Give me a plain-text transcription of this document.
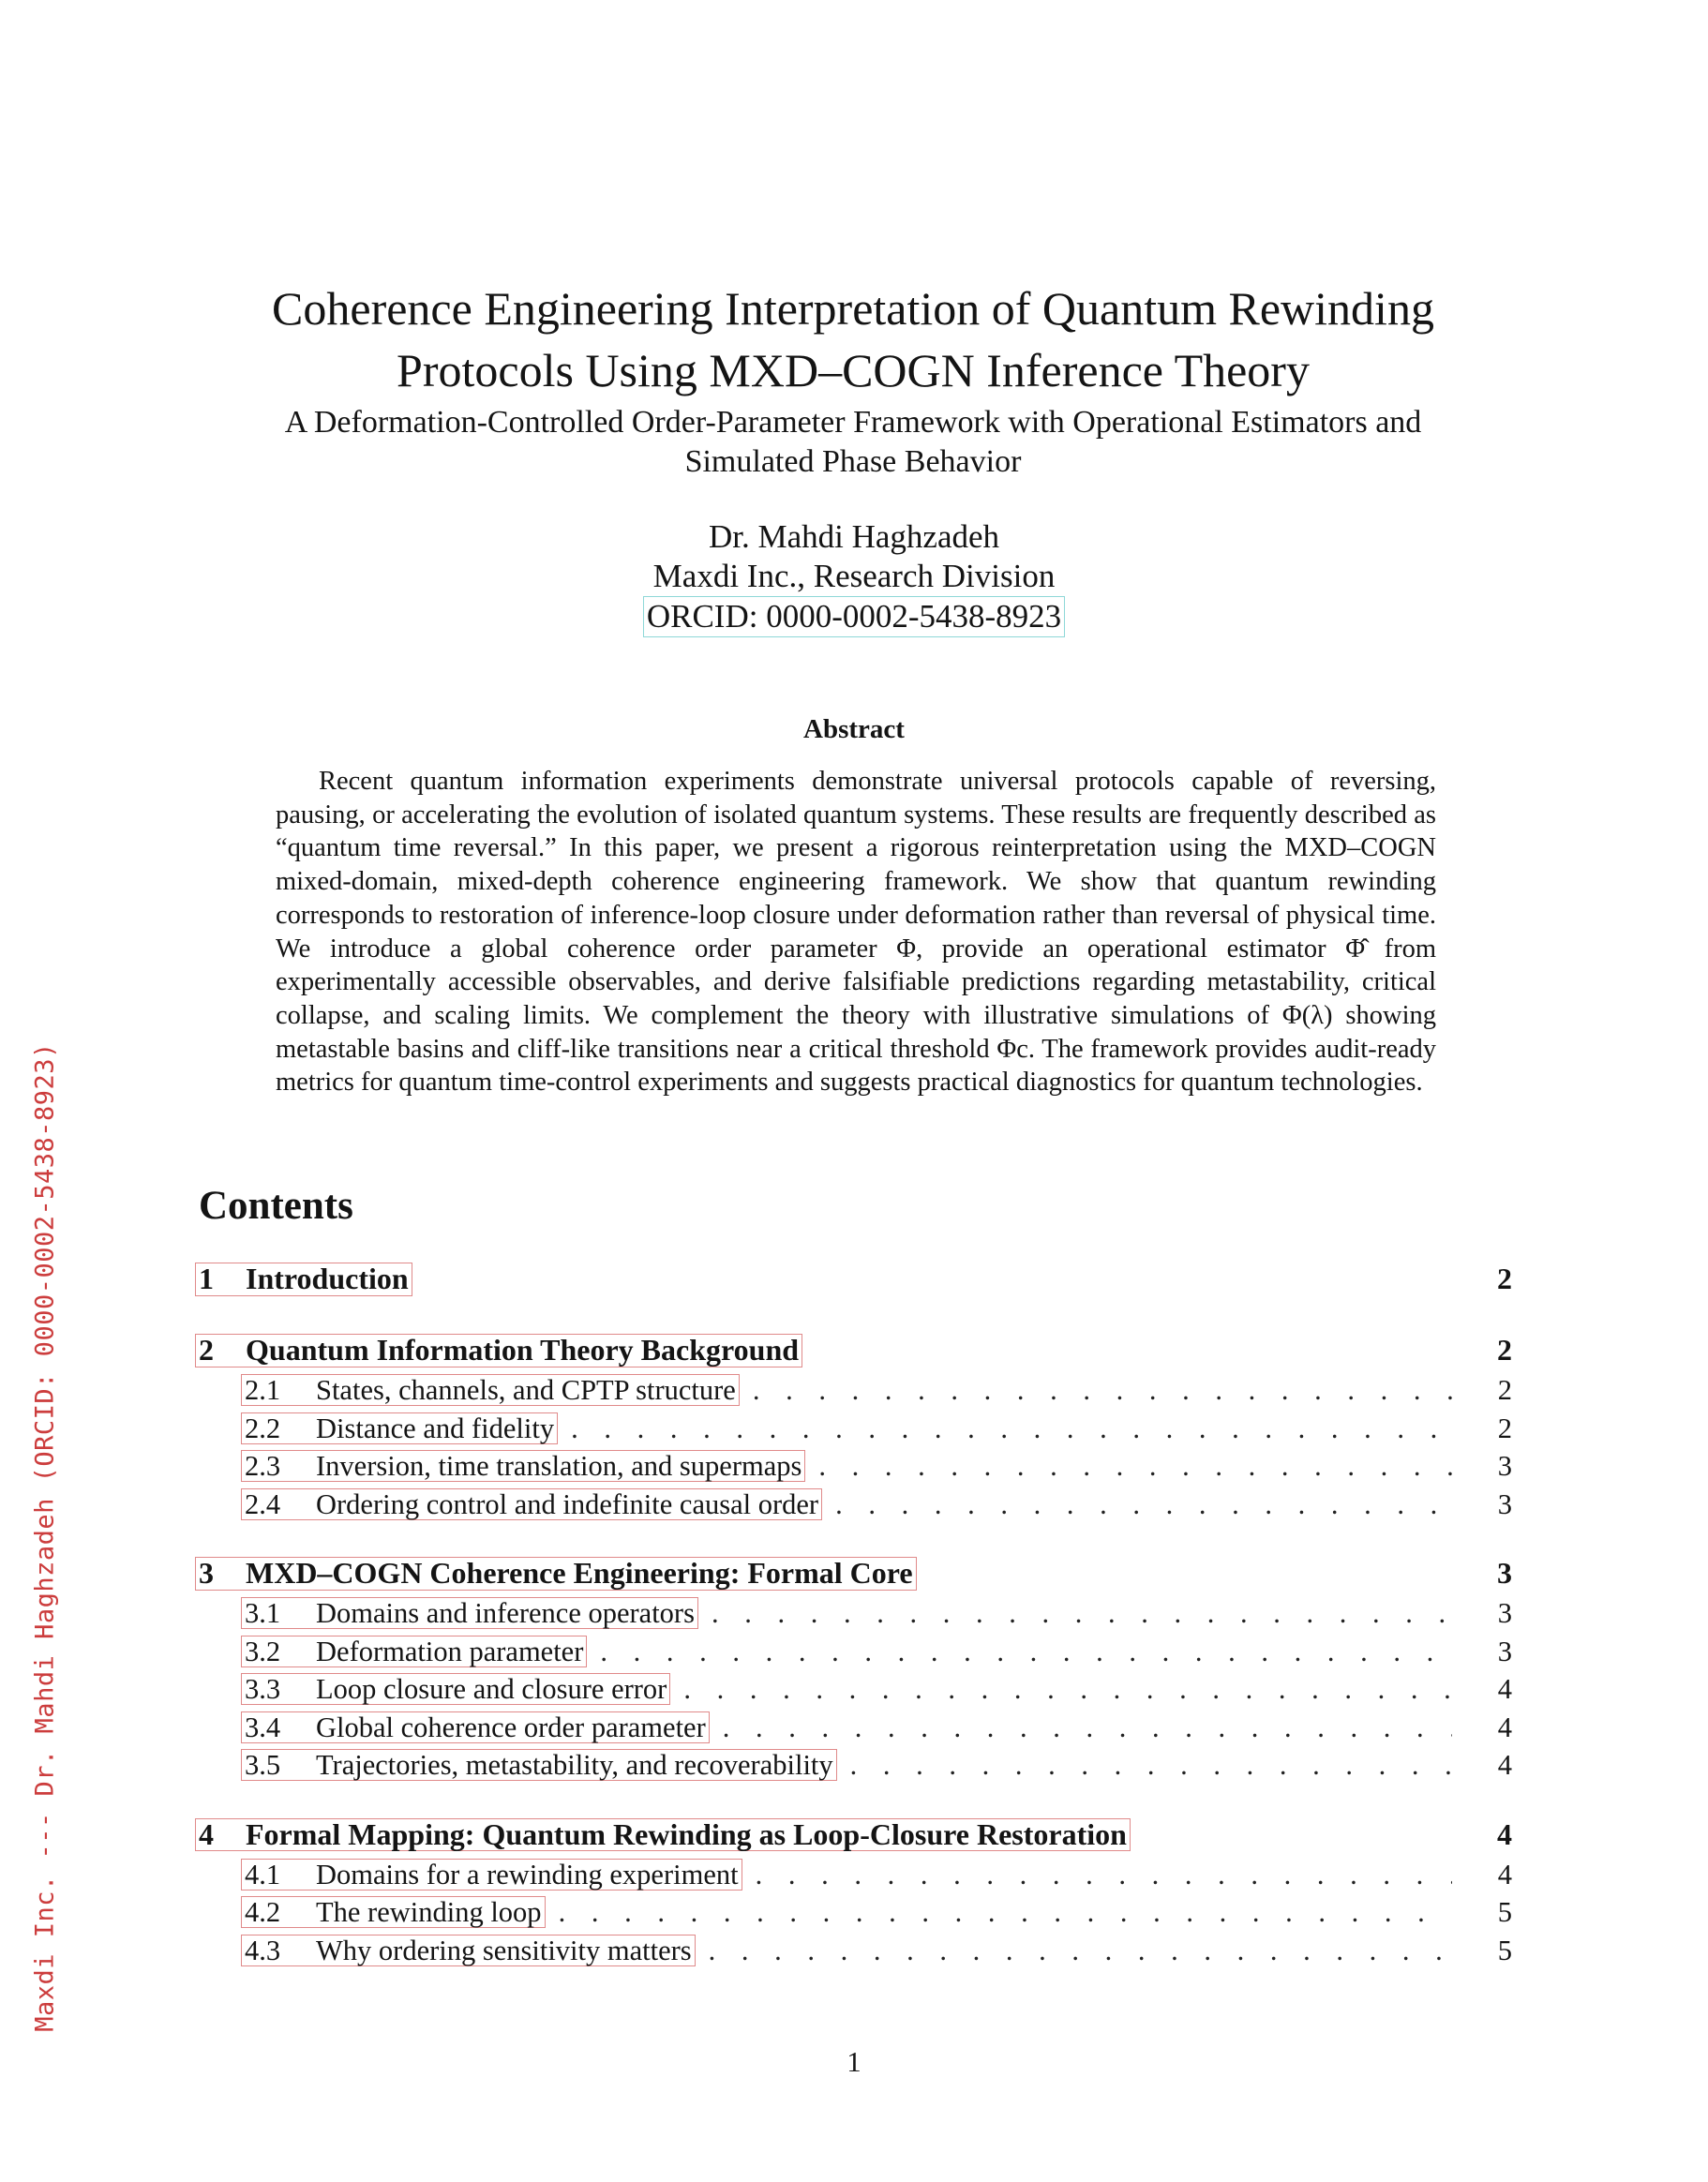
Maxdi Inc. --- Dr. Mahdi Haghzadeh (ORCID: 0000-0002-5438-8923)
Coherence Engineering Interpretation of Quantum Rewinding
Protocols Using MXD–COGN Inference Theory
A Deformation-Controlled Order-Parameter Framework with Operational Estimators and
Simulated Phase Behavior
Dr. Mahdi Haghzadeh
Maxdi Inc., Research Division
ORCID: 0000-0002-5438-8923
Abstract
Recent quantum information experiments demonstrate universal protocols capable of reversing, pausing, or accelerating the evolution of isolated quantum systems. These results are frequently described as “quantum time reversal.” In this paper, we present a rigorous reinterpretation using the MXD–COGN mixed-domain, mixed-depth coherence engineering framework. We show that quantum rewinding corresponds to restoration of inference-loop closure under deformation rather than reversal of physical time. We introduce a global coherence order parameter Φ, provide an operational estimator Φ̂ from experimentally accessible observables, and derive falsifiable predictions regarding metastability, critical collapse, and scaling limits. We complement the theory with illustrative simulations of Φ(λ) showing metastable basins and cliff-like transitions near a critical threshold Φc. The framework provides audit-ready metrics for quantum time-control experiments and suggests practical diagnostics for quantum technologies.
Contents
1 Introduction	2
2 Quantum Information Theory Background	2
2.1 States, channels, and CPTP structure . . .	2
2.2 Distance and fidelity . . .	2
2.3 Inversion, time translation, and supermaps . . .	3
2.4 Ordering control and indefinite causal order . . .	3
3 MXD–COGN Coherence Engineering: Formal Core	3
3.1 Domains and inference operators . . .	3
3.2 Deformation parameter . . .	3
3.3 Loop closure and closure error . . .	4
3.4 Global coherence order parameter . . .	4
3.5 Trajectories, metastability, and recoverability . . .	4
4 Formal Mapping: Quantum Rewinding as Loop-Closure Restoration	4
4.1 Domains for a rewinding experiment . . .	4
4.2 The rewinding loop . . .	5
4.3 Why ordering sensitivity matters . . .	5
1
